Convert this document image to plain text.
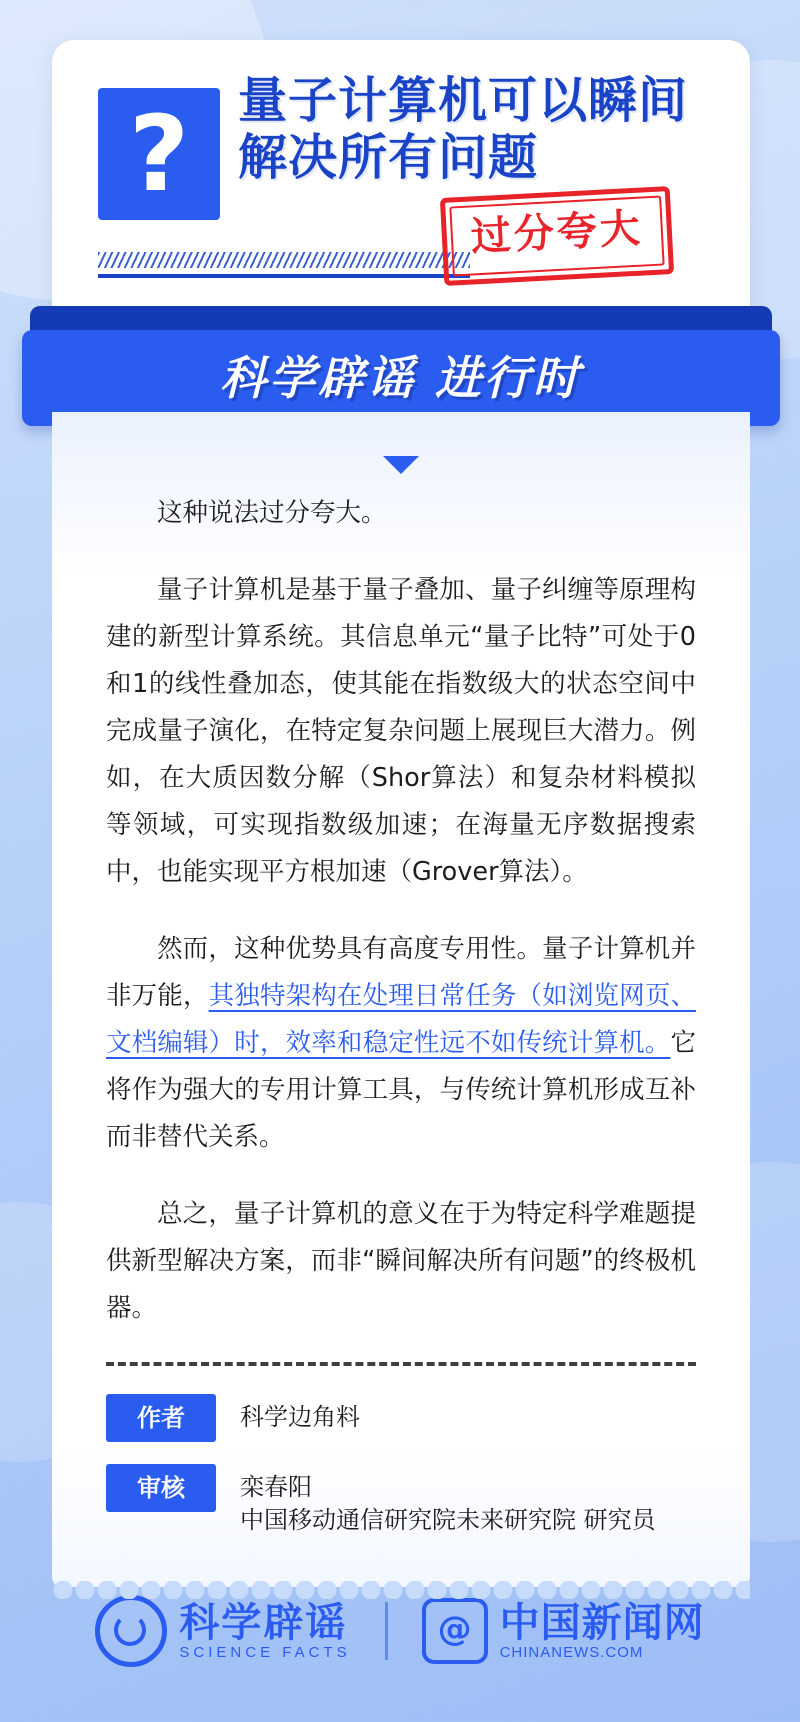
? 量子计算机可以瞬间解决所有问题
过分夸大
科学辟谣 进行时

这种说法过分夸大。

量子计算机是基于量子叠加、量子纠缠等原理构建的新型计算系统。其信息单元“量子比特”可处于0和1的线性叠加态，使其能在指数级大的状态空间中完成量子演化，在特定复杂问题上展现巨大潜力。例如，在大质因数分解（Shor算法）和复杂材料模拟等领域，可实现指数级加速；在海量无序数据搜索中，也能实现平方根加速（Grover算法）。

然而，这种优势具有高度专用性。量子计算机并非万能，其独特架构在处理日常任务（如浏览网页、文档编辑）时，效率和稳定性远不如传统计算机。它将作为强大的专用计算工具，与传统计算机形成互补而非替代关系。

总之，量子计算机的意义在于为特定科学难题提供新型解决方案，而非“瞬间解决所有问题”的终极机器。

作者	科学边角料
审核	栾春阳
中国移动通信研究院未来研究院 研究员
科学辟谣
SCIENCE FACTS
@ 中国新闻网
CHINANEWS.COM
